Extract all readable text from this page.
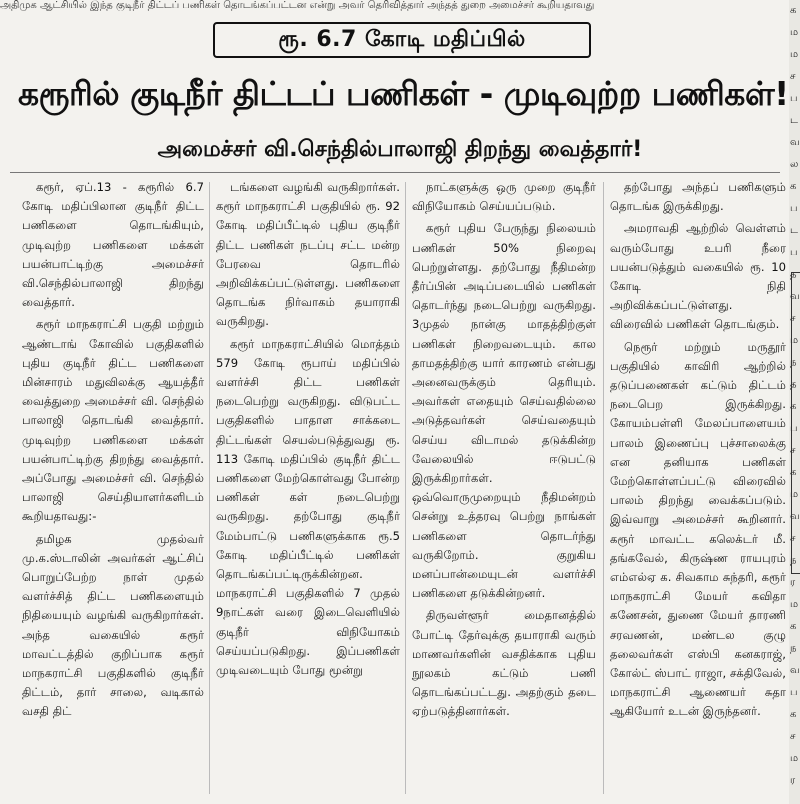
அதிமுக ஆட்சியில் இந்த குடிநீர் திட்டப் பணிகள் தொடங்கப்பட்டன என்று அவர் தெரிவித்தார் அந்தத் துறை அமைச்சர் கூறியதாவது
ரூ. 6.7 கோடி மதிப்பில்
கரூரில் குடிநீர் திட்டப் பணிகள் - முடிவுற்ற பணிகள்!
அமைச்சர் வி.செந்தில்பாலாஜி திறந்து வைத்தார்!

கரூர், ஏப்.13 - கரூரில் 6.7 கோடி மதிப்பிலான குடிநீர் திட்ட பணிகளை தொடங்கியும், முடிவுற்ற பணிகளை மக்கள் பயன்பாட்டிற்கு அமைச்சர் வி.செந்தில்பாலாஜி திறந்து வைத்தார்.

கரூர் மாநகராட்சி பகுதி மற்றும் ஆண்டாங் கோவில் பகுதிகளில் புதிய குடிநீர் திட்ட பணிகளை மின்சாரம் மதுவிலக்கு ஆயத்தீர் வைத்துறை அமைச்சர் வி. செந்தில் பாலாஜி தொடங்கி வைத்தார். முடிவுற்ற பணிகளை மக்கள் பயன்பாட்டிற்கு திறந்து வைத்தார். அப்போது அமைச்சர் வி. செந்தில் பாலாஜி செய்தியாளர்களிடம் கூறியதாவது:-

தமிழக முதல்வர் மு.க.ஸ்டாலின் அவர்கள் ஆட்சிப் பொறுப்பேற்ற நாள் முதல் வளர்ச்சித் திட்ட பணிகளையும் நிதியையும் வழங்கி வருகிறார்கள். அந்த வகையில் கரூர் மாவட்டத்தில் குறிப்பாக கரூர் மாநகராட்சி பகுதிகளில் குடிநீர் திட்டம், தார் சாலை, வடிகால் வசதி திட்

டங்களை வழங்கி வருகிறார்கள். கரூர் மாநகராட்சி பகுதியில் ரூ. 92 கோடி மதிப்பீட்டில் புதிய குடிநீர் திட்ட பணிகள் நடப்பு சட்ட மன்ற பேரவை தொடரில் அறிவிக்கப்பட்டுள்ளது. பணிகளை தொடங்க நிர்வாகம் தயாராகி வருகிறது.

கரூர் மாநகராட்சியில் மொத்தம் 579 கோடி ரூபாய் மதிப்பில் வளர்ச்சி திட்ட பணிகள் நடைபெற்று வருகிறது. விடுபட்ட பகுதிகளில் பாதாள சாக்கடை திட்டங்கள் செயல்படுத்துவது ரூ. 113 கோடி மதிப்பில் குடிநீர் திட்ட பணிகளை மேற்கொள்வது போன்ற பணிகள் கள் நடைபெற்று வருகிறது. தற்போது குடிநீர் மேம்பாட்டு பணிகளுக்காக ரூ.5 கோடி மதிப்பீட்டில் பணிகள் தொடங்கப்பட்டிருக்கின்றன. மாநகராட்சி பகுதிகளில் 7 முதல் 9நாட்கள் வரை இடைவெளியில் குடிநீர் விநியோகம் செய்யப்படுகிறது. இப்பணிகள் முடிவடையும் போது மூன்று

நாட்களுக்கு ஒரு முறை குடிநீர் விநியோகம் செய்யப்படும்.

கரூர் புதிய பேருந்து நிலையம் பணிகள் 50% நிறைவு பெற்றுள்ளது. தற்போது நீதிமன்ற தீர்ப்பின் அடிப்படையில் பணிகள் தொடர்ந்து நடைபெற்று வருகிறது. 3முதல் நான்கு மாதத்திற்குள் பணிகள் நிறைவடையும். கால தாமதத்திற்கு யார் காரணம் என்பது அனைவருக்கும் தெரியும். அவர்கள் எதையும் செய்வதில்லை அடுத்தவர்கள் செய்வதையும் செய்ய விடாமல் தடுக்கின்ற வேலையில் ஈடுபட்டு இருக்கிறார்கள். ஒவ்வொருமுறையும் நீதிமன்றம் சென்று உத்தரவு பெற்று நாங்கள் பணிகளை தொடர்ந்து வருகிறோம். குறுகிய மனப்பான்மையுடன் வளர்ச்சி பணிகளை தடுக்கின்றனர்.

திருவள்ளூர் மைதானத்தில் போட்டி தேர்வுக்கு தயாராகி வரும் மாணவர்களின் வசதிக்காக புதிய நூலகம் கட்டும் பணி தொடங்கப்பட்டது. அதற்கும் தடை ஏற்படுத்தினார்கள்.

தற்போது அந்தப் பணிகளும் தொடங்க இருக்கிறது.

அமராவதி ஆற்றில் வெள்ளம் வரும்போது உபரி நீரை பயன்படுத்தும் வகையில் ரூ. 10 கோடி நிதி அறிவிக்கப்பட்டுள்ளது. விரைவில் பணிகள் தொடங்கும்.

நெரூர் மற்றும் மருதூர் பகுதியில் காவிரி ஆற்றில் தடுப்பணைகள் கட்டும் திட்டம் நடைபெற இருக்கிறது. கோயம்பள்ளி மேலப்பாளையம் பாலம் இணைப்பு புச்சாலைக்கு என தனியாக பணிகள் மேற்கொள்ளப்பட்டு விரைவில் பாலம் திறந்து வைக்கப்படும். இவ்வாறு அமைச்சர் கூறினார். கரூர் மாவட்ட கலெக்டர் மீ. தங்கவேல், கிருஷ்ண ராயபுரம் எம்எல்ஏ க. சிவகாம சுந்தரி, கரூர் மாநகராட்சி மேயர் கவிதா கணேசன், துணை மேயர் தாரணி சரவணன், மண்டல குழு தலைவர்கள் எஸ்பி கனகராஜ், கோல்ட் ஸ்பாட் ராஜா, சக்திவேல், மாநகராட்சி ஆணையர் சுதா ஆகியோர் உடன் இருந்தனர்.

க
ம
ம
ச
ப
ட
வ
ல
க
ப
ட
ப
த
வ
ச
ம
ந
த
க
ப
ச
க
ம
வ
ச
ந
ர
ம
க
ந
வ
ப
க
ச
ம
ர
